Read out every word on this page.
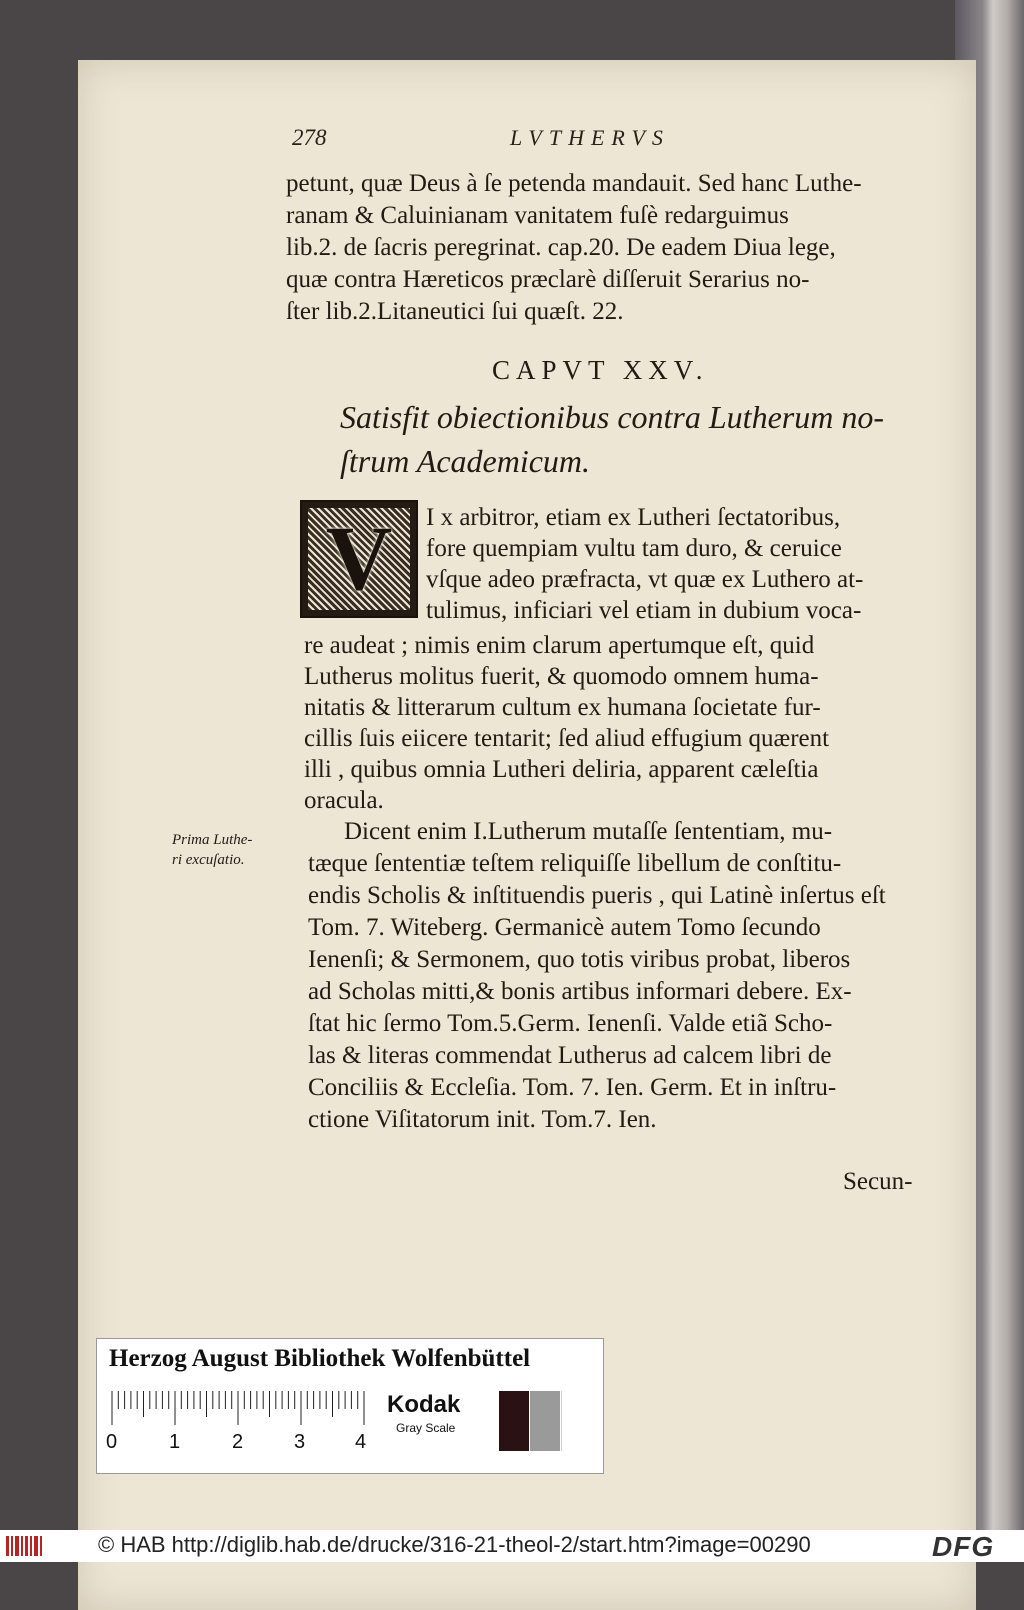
278	LVTHERVS
petunt, quæ Deus à ſe petenda mandauit. Sed hanc Luthe-
ranam & Caluinianam vanitatem fuſè redarguimus
lib.2. de ſacris peregrinat. cap.20. De eadem Diua lege,
quæ contra Hæreticos præclarè diſſeruit Serarius no-
ſter lib.2.Litaneutici ſui quæſt. 22.
CAPVT XXV.
Satisfit obiectionibus contra Lutherum no-
ſtrum Academicum.
V	I x arbitror, etiam ex Lutheri ſectatoribus,
fore quempiam vultu tam duro, & ceruice
vſque adeo præfracta, vt quæ ex Luthero at-
tulimus, inficiari vel etiam in dubium voca-
re audeat ; nimis enim clarum apertumque eſt, quid
Lutherus molitus fuerit, & quomodo omnem huma-
nitatis & litterarum cultum ex humana ſocietate fur-
cillis ſuis eiicere tentarit; ſed aliud effugium quærent
illi , quibus omnia Lutheri deliria, apparent cæleſtia
oracula.
Prima Luthe-
ri excuſatio.
Dicent enim I.Lutherum mutaſſe ſententiam, mu-
tæque ſententiæ teſtem reliquiſſe libellum de conſtitu-
endis Scholis & inſtituendis pueris , qui Latinè inſertus eſt
Tom. 7. Witeberg. Germanicè autem Tomo ſecundo
Ienenſi; & Sermonem, quo totis viribus probat, liberos
ad Scholas mitti,& bonis artibus informari debere. Ex-
ſtat hic ſermo Tom.5.Germ. Ienenſi. Valde etiã Scho-
las & literas commendat Lutherus ad calcem libri de
Conciliis & Eccleſia. Tom. 7. Ien. Germ. Et in inſtru-
ctione Viſitatorum init. Tom.7. Ien.
Secun-
Herzog August Bibliothek Wolfenbüttel
0	1	2	3 4
Kodak
Gray Scale
© HAB http://diglib.hab.de/drucke/316-21-theol-2/start.htm?image=00290	DFG
